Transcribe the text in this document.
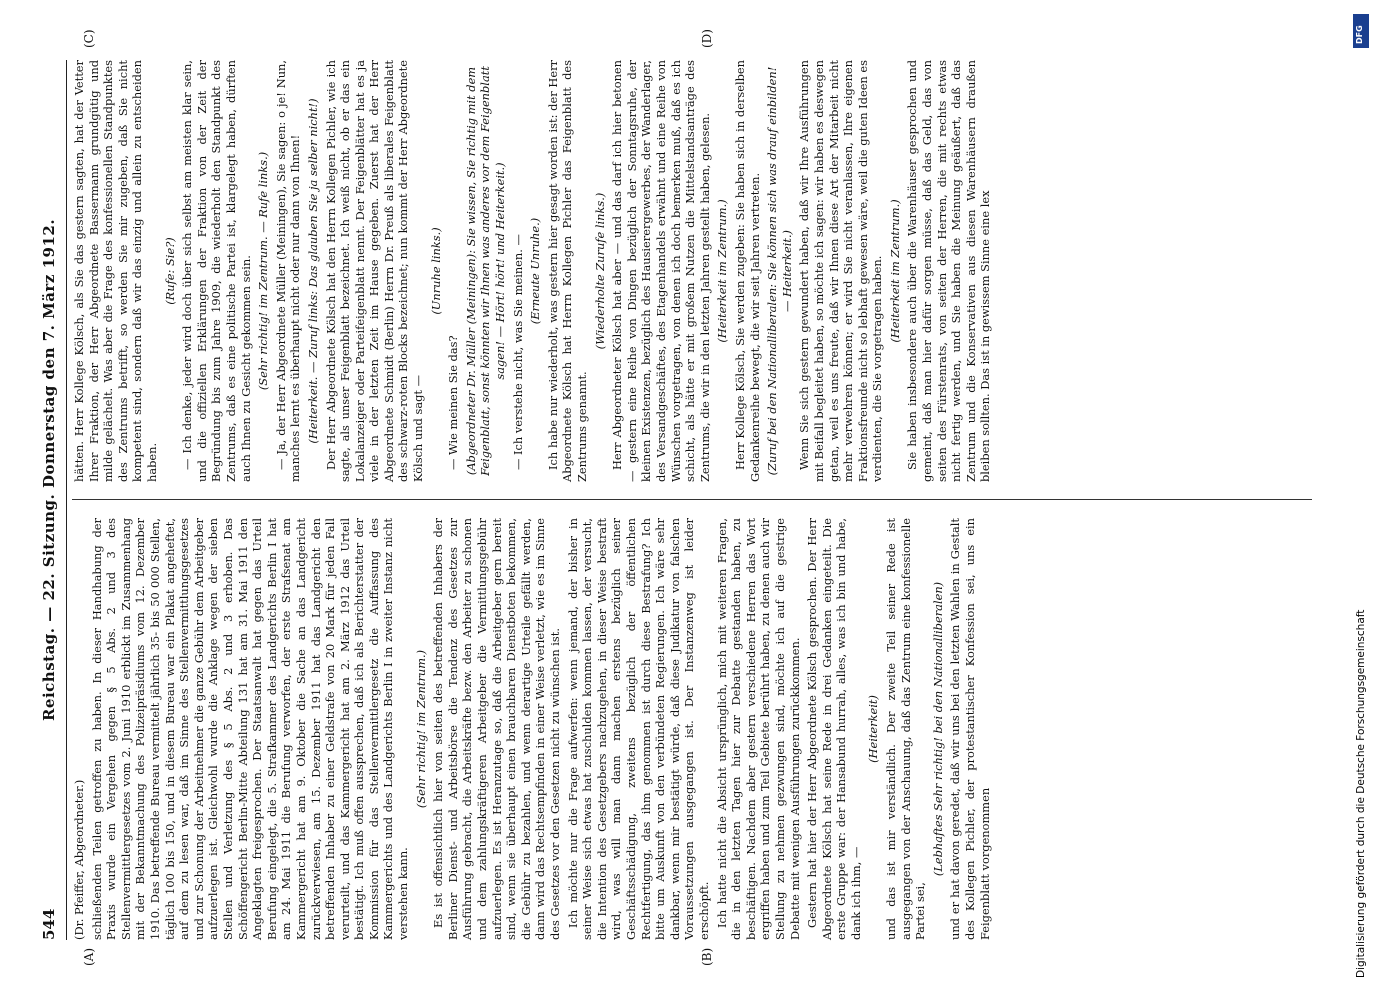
544
Reichstag. — 22. Sitzung. Donnerstag den 7. März 1912.
(A)	(B)
(C)	(D)

(Dr. Pfeiffer, Abgeordneter.) schließenden Teilen getroffen zu haben. In dieser Handhabung der Praxis wurde ein Vergehen gegen § 5 Abs. 2 und 3 des Stellenvermittlergesetzes vom 2. Juni 1910 erblickt im Zusammenhang mit der Bekanntmachung des Polizeipräsidiums vom 12. Dezember 1910. Das betreffende Bureau vermittelt jährlich 35- bis 50 000 Stellen, täglich 100 bis 150, und in diesem Bureau war ein Plakat angeheftet, auf dem zu lesen war, daß im Sinne des Stellenvermittlungsgesetzes und zur Schonung der Arbeitnehmer die ganze Gebühr dem Arbeitgeber aufzuerlegen ist. Gleichwohl wurde die Anklage wegen der sieben Stellen und Verletzung des § 5 Abs. 2 und 3 erhoben. Das Schöffengericht Berlin-Mitte Abteilung 131 hat am 31. Mai 1911 den Angeklagten freigesprochen. Der Staatsanwalt hat gegen das Urteil Berufung eingelegt, die 5. Strafkammer des Landgerichts Berlin I hat am 24. Mai 1911 die Berufung verworfen, der erste Strafsenat am Kammergericht hat am 9. Oktober die Sache an das Landgericht zurückverwiesen, am 15. Dezember 1911 hat das Landgericht den betreffenden Inhaber zu einer Geldstrafe von 20 Mark für jeden Fall verurteilt, und das Kammergericht hat am 2. März 1912 das Urteil bestätigt. Ich muß offen aussprechen, daß ich als Berichterstatter der Kommission für das Stellenvermittlergesetz die Auffassung des Kammergerichts und des Landgerichts Berlin I in zweiter Instanz nicht verstehen kann.

(Sehr richtig! im Zentrum.) Es ist offensichtlich hier von seiten des betreffenden Inhabers der Berliner Dienst- und Arbeitsbörse die Tendenz des Gesetzes zur Ausführung gebracht, die Arbeitskräfte bezw. den Arbeiter zu schonen und dem zahlungskräftigeren Arbeitgeber die Vermittlungsgebühr aufzuerlegen. Es ist Heranzutage so, daß die Arbeitgeber gern bereit sind, wenn sie überhaupt einen brauchbaren Dienstboten bekommen, die Gebühr zu bezahlen, und wenn derartige Urteile gefällt werden, dann wird das Rechtsempfinden in einer Weise verletzt, wie es im Sinne des Gesetzes vor den Gesetzen nicht zu wünschen ist. Ich möchte nur die Frage aufwerfen: wenn jemand, der bisher in seiner Weise sich etwas hat zuschulden kommen lassen, der versucht, die Intention des Gesetzgebers nachzugehen, in dieser Weise bestraft wird, was will man dann machen erstens bezüglich seiner Geschäftsschädigung, zweitens bezüglich der öffentlichen Rechtfertigung, das ihm genommen ist durch diese Bestrafung? Ich bitte um Auskunft von den verbündeten Regierungen. Ich wäre sehr dankbar, wenn mir bestätigt würde, daß diese Judikatur von falschen Voraussetzungen ausgegangen ist. Der Instanzenweg ist leider erschöpft. Ich hatte nicht die Absicht ursprünglich, mich mit weiteren Fragen, die in den letzten Tagen hier zur Debatte gestanden haben, zu beschäftigen. Nachdem aber gestern verschiedene Herren das Wort ergriffen haben und zum Teil Gebiete berührt haben, zu denen auch wir Stellung zu nehmen gezwungen sind, möchte ich auf die gestrige Debatte mit wenigen Ausführungen zurückkommen. Gestern hat hier der Herr Abgeordnete Kölsch gesprochen. Der Herr Abgeordnete Kölsch hat seine Rede in drei Gedanken eingeteilt. Die erste Gruppe war: der Hansabund hurrah, alles, was ich bin und habe, dank ich ihm, —

(Heiterkeit) und das ist mir verständlich. Der zweite Teil seiner Rede ist ausgegangen von der Anschauung, daß das Zentrum eine konfessionelle Partei sei,

(Lebhaftes Sehr richtig! bei den Nationalliberalen) und er hat davon geredet, daß wir uns bei den letzten Wahlen in Gestalt des Kollegen Pichler, der protestantischer Konfession sei, uns ein Feigenblatt vorgenommen

hätten. Herr Kollege Kölsch, als Sie das gestern sagten, hat der Vetter Ihrer Fraktion, der Herr Abgeordnete Bassermann grundgütig und milde gelächelt. Was aber die Frage des konfessionellen Standpunktes des Zentrums betrifft, so werden Sie mir zugeben, daß Sie nicht kompetent sind, sondern daß wir das einzig und allein zu entscheiden haben.

(Rufe: Sie?) — Ich denke, jeder wird doch über sich selbst am meisten klar sein, und die offiziellen Erklärungen der Fraktion von der Zeit der Begründung bis zum Jahre 1909, die wiederholt den Standpunkt des Zentrums, daß es eine politische Partei ist, klargelegt haben, dürften auch Ihnen zu Gesicht gekommen sein. (Sehr richtig! im Zentrum. — Rufe links.) — Ja, der Herr Abgeordnete Müller (Meiningen), Sie sagen: o je! Nun, manches lernt es überhaupt nicht oder nur dann von Ihnen! (Heiterkeit. — Zuruf links: Das glauben Sie ja selber nicht!) Der Herr Abgeordnete Kölsch hat den Herrn Kollegen Pichler, wie ich sagte, als unser Feigenblatt bezeichnet. Ich weiß nicht, ob er das ein Lokalanzeiger oder Parteifeigenblatt nennt. Der Feigenblätter hat es ja viele in der letzten Zeit im Hause gegeben. Zuerst hat der Herr Abgeordnete Schmidt (Berlin) Herrn Dr. Preuß als liberales Feigenblatt des schwarz-roten Blocks bezeichnet; nun kommt der Herr Abgeordnete Kölsch und sagt —

(Unruhe links.)

— Wie meinen Sie das? (Abgeordneter Dr. Müller (Meiningen): Sie wissen, Sie richtig mit dem Feigenblatt, sonst könnten wir Ihnen was anderes vor dem Feigenblatt sagen! — Hört! hört! und Heiterkeit.) — Ich verstehe nicht, was Sie meinen. — (Erneute Unruhe.) Ich habe nur wiederholt, was gestern hier gesagt worden ist: der Herr Abgeordnete Kölsch hat Herrn Kollegen Pichler das Feigenblatt des Zentrums genannt.

(Wiederholte Zurufe links.) Herr Abgeordneter Kölsch hat aber — und das darf ich hier betonen — gestern eine Reihe von Dingen bezüglich der Sonntagsruhe, der kleinen Existenzen, bezüglich des Hausierergewerbes, der Wanderlager, des Versandgeschäftes, des Etagenhandels erwähnt und eine Reihe von Wünschen vorgetragen, von denen ich doch bemerken muß, daß es ich schicht, als hätte er mit großem Nutzen die Mittelstandsanträge des Zentrums, die wir in den letzten Jahren gestellt haben, gelesen. (Heiterkeit im Zentrum.) Herr Kollege Kölsch, Sie werden zugeben: Sie haben sich in derselben Gedankenreihe bewegt, die wir seit Jahren vertreten. (Zuruf bei den Nationalliberalen: Sie können sich was drauf einbilden! — Heiterkeit.) Wenn Sie sich gestern gewundert haben, daß wir Ihre Ausführungen mit Beifall begleitet haben, so möchte ich sagen: wir haben es deswegen getan, weil es uns freute, daß wir Ihnen diese Art der Mitarbeit nicht mehr verwehren können; er wird Sie nicht veranlassen, Ihre eigenen Fraktionsfreunde nicht so lebhaft gewesen wäre, weil die guten Ideen es verdienten, die Sie vorgetragen haben. (Heiterkeit im Zentrum.) Sie haben insbesondere auch über die Warenhäuser gesprochen und gemeint, daß man hier dafür sorgen müsse, daß das Geld, das von seiten des Fürstenrats, von seiten der Herren, die mit rechts etwas nicht fertig werden, und Sie haben die Meinung geäußert, daß das Zentrum und die Konservativen aus diesen Warenhäusern draußen bleiben sollten. Das ist in gewissem Sinne eine lex

DFG
Digitalisierung gefördert durch die Deutsche Forschungsgemeinschaft
